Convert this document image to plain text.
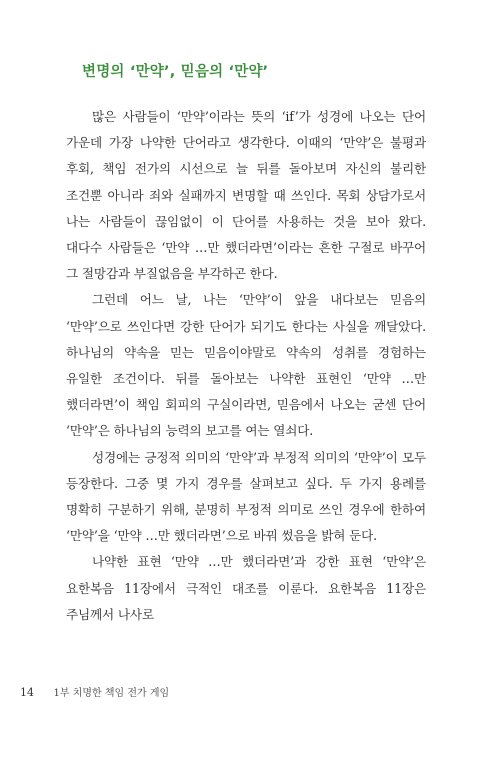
변명의 ‘만약’, 믿음의 ‘만약’

많은 사람들이 ‘만약’이라는 뜻의 ‘if’가 성경에 나오는 단어 가운데 가장 나약한 단어라고 생각한다. 이때의 ‘만약’은 불평과 후회, 책임 전가의 시선으로 늘 뒤를 돌아보며 자신의 불리한 조건뿐 아니라 죄와 실패까지 변명할 때 쓰인다. 목회 상담가로서 나는 사람들이 끊임없이 이 단어를 사용하는 것을 보아 왔다. 대다수 사람들은 ‘만약 …만 했더라면’이라는 흔한 구절로 바꾸어 그 절망감과 부질없음을 부각하곤 한다.

그런데 어느 날, 나는 ‘만약’이 앞을 내다보는 믿음의 ‘만약’으로 쓰인다면 강한 단어가 되기도 한다는 사실을 깨달았다. 하나님의 약속을 믿는 믿음이야말로 약속의 성취를 경험하는 유일한 조건이다. 뒤를 돌아보는 나약한 표현인 ‘만약 …만 했더라면’이 책임 회피의 구실이라면, 믿음에서 나오는 굳센 단어 ‘만약’은 하나님의 능력의 보고를 여는 열쇠다.

성경에는 긍정적 의미의 ‘만약’과 부정적 의미의 ‘만약’이 모두 등장한다. 그중 몇 가지 경우를 살펴보고 싶다. 두 가지 용례를 명확히 구분하기 위해, 분명히 부정적 의미로 쓰인 경우에 한하여 ‘만약’을 ‘만약 …만 했더라면’으로 바꿔 썼음을 밝혀 둔다.

나약한 표현 ‘만약 …만 했더라면’과 강한 표현 ‘만약’은 요한복음 11장에서 극적인 대조를 이룬다. 요한복음 11장은 주님께서 나사로

14 1부 치명한 책임 전가 게임
